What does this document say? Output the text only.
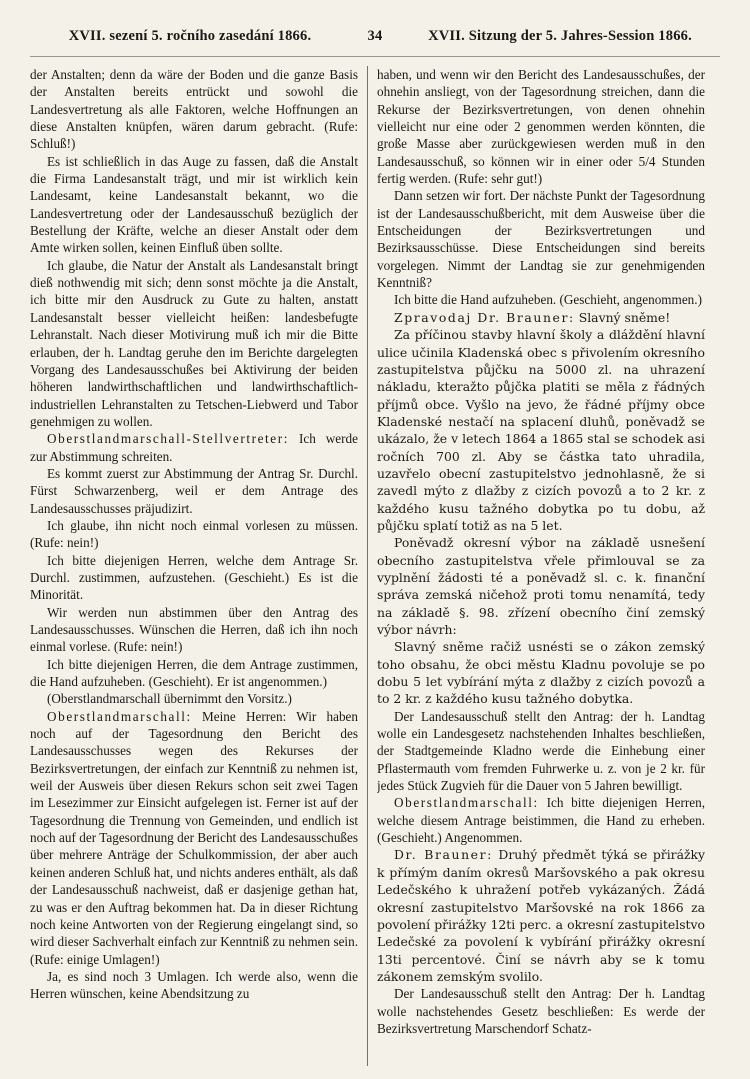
XVII. sezení 5. ročního zasedání 1866.	34	XVII. Sitzung der 5. Jahres-Session 1866.

der Anstalten; denn da wäre der Boden und die ganze Basis der Anstalten bereits entrückt und sowohl die Landesvertretung als alle Faktoren, welche Hoffnungen an diese Anstalten knüpfen, wären darum gebracht. (Rufe: Schluß!)

Es ist schließlich in das Auge zu fassen, daß die Anstalt die Firma Landesanstalt trägt, und mir ist wirklich kein Landesamt, keine Landesanstalt bekannt, wo die Landesvertretung oder der Landesausschuß bezüglich der Bestellung der Kräfte, welche an dieser Anstalt oder dem Amte wirken sollen, keinen Einfluß üben sollte.

Ich glaube, die Natur der Anstalt als Landesanstalt bringt dieß nothwendig mit sich; denn sonst möchte ja die Anstalt, ich bitte mir den Ausdruck zu Gute zu halten, anstatt Landesanstalt besser vielleicht heißen: landesbefugte Lehranstalt. Nach dieser Motivirung muß ich mir die Bitte erlauben, der h. Landtag geruhe den im Berichte dargelegten Vorgang des Landesausschußes bei Aktivirung der beiden höheren landwirthschaftlichen und landwirthschaftlich-industriellen Lehranstalten zu Tetschen-Liebwerd und Tabor genehmigen zu wollen.

Oberstlandmarschall-Stellvertreter: Ich werde zur Abstimmung schreiten.

Es kommt zuerst zur Abstimmung der Antrag Sr. Durchl. Fürst Schwarzenberg, weil er dem Antrage des Landesausschusses präjudizirt.

Ich glaube, ihn nicht noch einmal vorlesen zu müssen. (Rufe: nein!)

Ich bitte diejenigen Herren, welche dem Antrage Sr. Durchl. zustimmen, aufzustehen. (Geschieht.) Es ist die Minorität.

Wir werden nun abstimmen über den Antrag des Landesausschusses. Wünschen die Herren, daß ich ihn noch einmal vorlese. (Rufe: nein!)

Ich bitte diejenigen Herren, die dem Antrage zustimmen, die Hand aufzuheben. (Geschieht). Er ist angenommen.)

(Oberstlandmarschall übernimmt den Vorsitz.)

Oberstlandmarschall: Meine Herren: Wir haben noch auf der Tagesordnung den Bericht des Landesausschusses wegen des Rekurses der Bezirksvertretungen, der einfach zur Kenntniß zu nehmen ist, weil der Ausweis über diesen Rekurs schon seit zwei Tagen im Lesezimmer zur Einsicht aufgelegen ist. Ferner ist auf der Tagesordnung die Trennung von Gemeinden, und endlich ist noch auf der Tagesordnung der Bericht des Landesausschußes über mehrere Anträge der Schulkommission, der aber auch keinen anderen Schluß hat, und nichts anderes enthält, als daß der Landesausschuß nachweist, daß er dasjenige gethan hat, zu was er den Auftrag bekommen hat. Da in dieser Richtung noch keine Antworten von der Regierung eingelangt sind, so wird dieser Sachverhalt einfach zur Kenntniß zu nehmen sein. (Rufe: einige Umlagen!)

Ja, es sind noch 3 Umlagen. Ich werde also, wenn die Herren wünschen, keine Abendsitzung zu

haben, und wenn wir den Bericht des Landesausschußes, der ohnehin ansliegt, von der Tagesordnung streichen, dann die Rekurse der Bezirksvertretungen, von denen ohnehin vielleicht nur eine oder 2 genommen werden könnten, die große Masse aber zurückgewiesen werden muß in den Landesausschuß, so können wir in einer oder 5/4 Stunden fertig werden. (Rufe: sehr gut!)

Dann setzen wir fort. Der nächste Punkt der Tagesordnung ist der Landesausschußbericht, mit dem Ausweise über die Entscheidungen der Bezirksvertretungen und Bezirksausschüsse. Diese Entscheidungen sind bereits vorgelegen. Nimmt der Landtag sie zur genehmigenden Kenntniß?

Ich bitte die Hand aufzuheben. (Geschieht, angenommen.)

Zpravodaj Dr. Brauner: Slavný sněme!

Za příčinou stavby hlavní školy a dláždění hlavní ulice učinila Kladenská obec s přivolením okresního zastupitelstva půjčku na 5000 zl. na uhrazení nákladu, kteražto půjčka platiti se měla z řádných příjmů obce. Vyšlo na jevo, že řádné příjmy obce Kladenské nestačí na splacení dluhů, poněvadž se ukázalo, že v letech 1864 a 1865 stal se schodek asi ročních 700 zl. Aby se částka tato uhradila, uzavřelo obecní zastupitelstvo jednohlasně, že si zavedl mýto z dlažby z cizích povozů a to 2 kr. z každého kusu tažného dobytka po tu dobu, až půjčku splatí totiž as na 5 let.

Poněvadž okresní výbor na základě usnešení obecního zastupitelstva vřele přimlouval se za vyplnění žádosti té a poněvadž sl. c. k. finanční správa zemská ničehož proti tomu nenamítá, tedy na základě §. 98. zřízení obecního činí zemský výbor návrh:

Slavný sněme račiž usnésti se o zákon zemský toho obsahu, že obci městu Kladnu povoluje se po dobu 5 let vybírání mýta z dlažby z cizích povozů a to 2 kr. z každého kusu tažného dobytka.

Der Landesausschuß stellt den Antrag: der h. Landtag wolle ein Landesgesetz nachstehenden Inhaltes beschließen, der Stadtgemeinde Kladno werde die Einhebung einer Pflastermauth vom fremden Fuhrwerke u. z. von je 2 kr. für jedes Stück Zugvieh für die Dauer von 5 Jahren bewilligt.

Oberstlandmarschall: Ich bitte diejenigen Herren, welche diesem Antrage beistimmen, die Hand zu erheben. (Geschieht.) Angenommen.

Dr. Brauner: Druhý předmět týká se přirážky k přímým daním okresů Maršovského a pak okresu Ledečského k uhražení potřeb vykázaných. Žádá okresní zastupitelstvo Maršovské na rok 1866 za povolení přirážky 12ti perc. a okresní zastupitelstvo Ledečské za povolení k vybírání přirážky okresní 13ti percentové. Činí se návrh aby se k tomu zákonem zemským svolilo.

Der Landesausschuß stellt den Antrag: Der h. Landtag wolle nachstehendes Gesetz beschließen: Es werde der Bezirksvertretung Marschendorf Schatz-
